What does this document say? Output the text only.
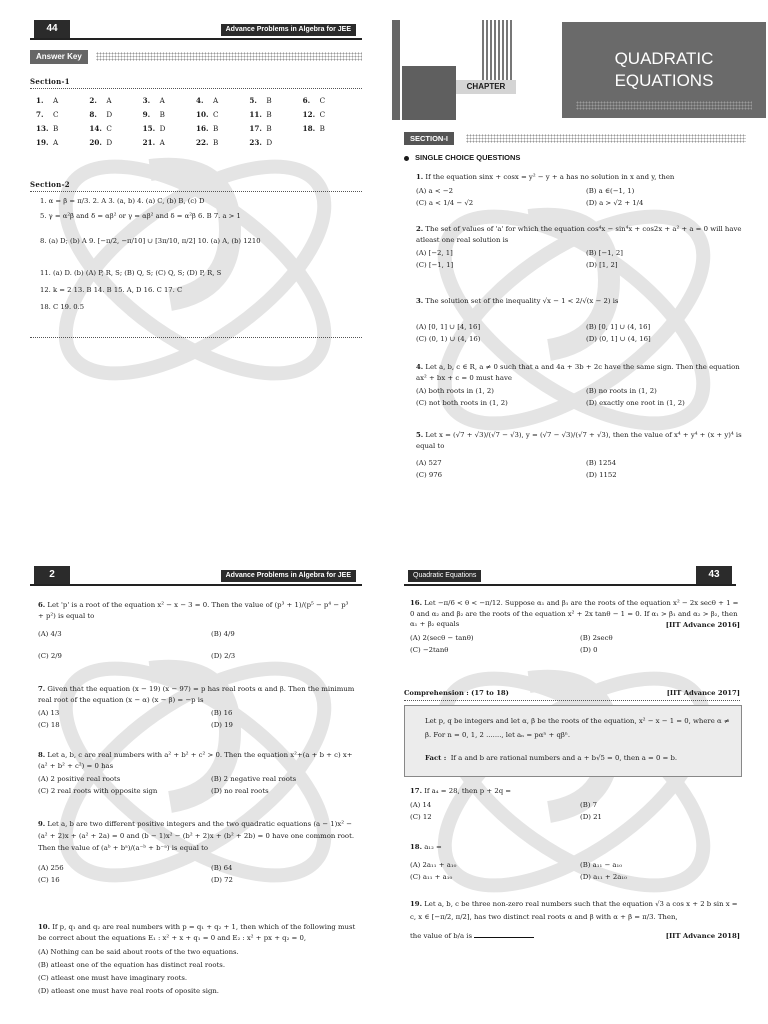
44	Advance Problems in Algebra for JEE
Answer Key
Section-1
1. A	2. A	3. A	4. A	5. B	6. C
7. C	8. D	9. B	10. C	11. B	12. C
13. B	14. C	15. D	16. B	17. B	18. B
19. A	20. D	21. A	22. B	23. D
Section-2
1. α = β = π/3. 2. A 3. (a, b) 4. (a) C, (b) B, (c) D
5. γ = α²β and δ = αβ² or γ = αβ² and δ = α²β 6. B 7. a > 1
8. (a) D; (b) A 9. [−π/2, −π/10] ∪ [3π/10, π/2] 10. (a) A, (b) 1210
11. (a) D. (b) (A) P, R, S; (B) Q, S; (C) Q, S; (D) P, R, S
12. k = 2 13. B 14. B 15. A, D 16. C 17. C
18. C 19. 0.5
CHAPTER
QUADRATIC
EQUATIONS
SECTION-I
SINGLE CHOICE QUESTIONS
1. If the equation sinx + cosx = y² − y + a has no solution in x and y, then
(A) a < −2	(B) a ∈(−1, 1)
(C) a < 1/4 − √2	(D) a > √2 + 1/4
2. The set of values of 'a' for which the equation cos⁴x − sin⁴x + cos2x + a² + a = 0 will have atleast one real solution is
(A) [−2, 1]	(B) [−1, 2]
(C) [−1, 1]	(D) [1, 2]
3. The solution set of the inequality √x − 1 < 2/√(x − 2) is
(A) [0, 1] ∪ [4, 16]	(B) [0, 1] ∪ (4, 16]
(C) (0, 1) ∪ (4, 16)	(D) (0, 1] ∪ (4, 16]
4. Let a, b, c ∈ R, a ≠ 0 such that a and 4a + 3b + 2c have the same sign. Then the equation ax² + bx + c = 0 must have
(A) both roots in (1, 2)	(B) no roots in (1, 2)
(C) not both roots in (1, 2)	(D) exactly one root in (1, 2)
5. Let x = (√7 + √3)/(√7 − √3), y = (√7 − √3)/(√7 + √3), then the value of x⁴ + y⁴ + (x + y)⁴ is equal to
(A) 527	(B) 1254
(C) 976	(D) 1152
2	Advance Problems in Algebra for JEE
6. Let 'p' is a root of the equation x² − x − 3 = 0. Then the value of (p³ + 1)/(p⁵ − p⁴ − p³ + p²) is equal to
(A) 4/3	(B) 4/9
(C) 2/9	(D) 2/3
7. Given that the equation (x − 19) (x − 97) = p has real roots α and β. Then the minimum real root of the equation (x − α) (x − β) = −p is
(A) 13	(B) 16
(C) 18	(D) 19
8. Let a, b, c are real numbers with a² + b² + c² > 0. Then the equation x²+(a + b + c) x+(a² + b² + c²) = 0 has
(A) 2 positive real roots	(B) 2 negative real roots
(C) 2 real roots with opposite sign	(D) no real roots
9. Let a, b are two different positive integers and the two quadratic equations (a − 1)x² − (a² + 2)x + (a² + 2a) = 0 and (b − 1)x² − (b² + 2)x + (b² + 2b) = 0 have one common root. Then the value of (aᵇ + bᵃ)/(a⁻ᵇ + b⁻ᵃ) is equal to
(A) 256	(B) 64
(C) 16	(D) 72
10. If p, q₁ and q₂ are real numbers with p = q₁ + q₂ + 1, then which of the following must be correct about the equations E₁ : x² + x + q₁ = 0 and E₂ : x² + px + q₂ = 0,
(A) Nothing can be said about roots of the two equations.
(B) atleast one of the equation has distinct real roots.
(C) atleast one must have imaginary roots.
(D) atleast one must have real roots of oposite sign.
Quadratic Equations	43
16. Let −π/6 < θ < −π/12. Suppose α₁ and β₁ are the roots of the equation x² − 2x secθ + 1 = 0 and α₂ and β₂ are the roots of the equation x² + 2x tanθ − 1 = 0. If α₁ > β₁ and α₂ > β₂, then α₁ + β₂ equals	[IIT Advance 2016]
(A) 2(secθ − tanθ)	(B) 2secθ
(C) −2tanθ	(D) 0
Comprehension : (17 to 18)	[IIT Advance 2017]
Let p, q be integers and let α, β be the roots of the equation, x² − x − 1 = 0, where α ≠ β. For n = 0, 1, 2 ......., let aₙ = pαⁿ + qβⁿ.
Fact : If a and b are rational numbers and a + b√5 = 0, then a = 0 = b.
17. If a₄ = 28, then p + 2q =
(A) 14	(B) 7
(C) 12	(D) 21
18. a₁₂ =
(A) 2a₁₁ + a₁₀	(B) a₁₁ − a₁₀
(C) a₁₁ + a₁₀	(D) a₁₁ + 2a₁₀
19. Let a, b, c be three non-zero real numbers such that the equation √3 a cos x + 2 b sin x = c, x ∈ [−π/2, π/2], has two distinct real roots α and β with α + β = π/3. Then,
the value of b/a is	[IIT Advance 2018]
